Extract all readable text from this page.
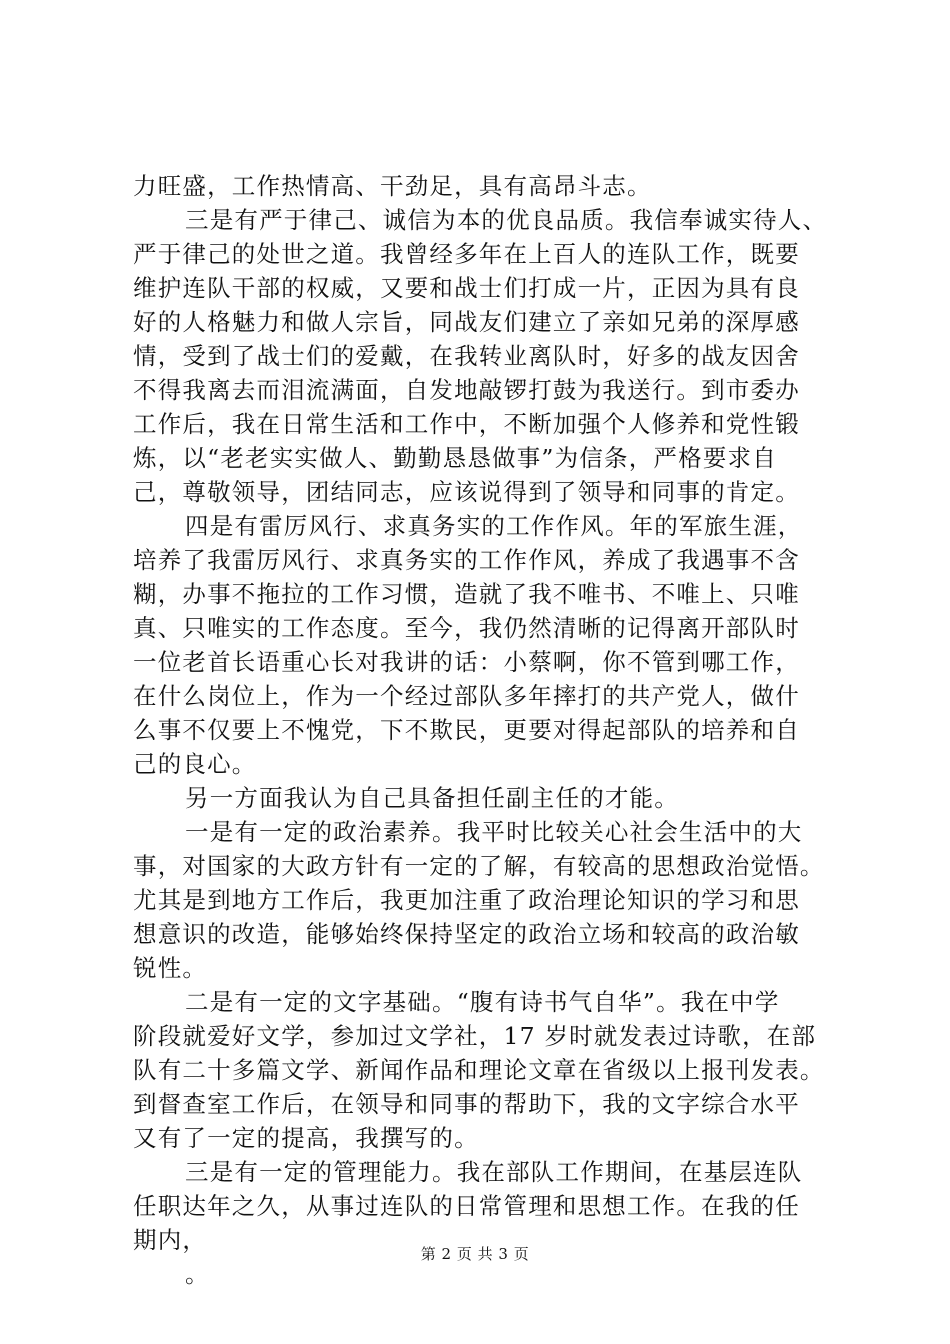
力旺盛，工作热情高、干劲足，具有高昂斗志。
三是有严于律己、诚信为本的优良品质。我信奉诚实待人、
严于律己的处世之道。我曾经多年在上百人的连队工作，既要
维护连队干部的权威，又要和战士们打成一片，正因为具有良
好的人格魅力和做人宗旨，同战友们建立了亲如兄弟的深厚感
情，受到了战士们的爱戴，在我转业离队时，好多的战友因舍
不得我离去而泪流满面，自发地敲锣打鼓为我送行。到市委办
工作后，我在日常生活和工作中，不断加强个人修养和党性锻
炼，以“老老实实做人、勤勤恳恳做事”为信条，严格要求自
己，尊敬领导，团结同志，应该说得到了领导和同事的肯定。
四是有雷厉风行、求真务实的工作作风。年的军旅生涯，
培养了我雷厉风行、求真务实的工作作风，养成了我遇事不含
糊，办事不拖拉的工作习惯，造就了我不唯书、不唯上、只唯
真、只唯实的工作态度。至今，我仍然清晰的记得离开部队时
一位老首长语重心长对我讲的话：小蔡啊，你不管到哪工作，
在什么岗位上，作为一个经过部队多年摔打的共产党人，做什
么事不仅要上不愧党，下不欺民，更要对得起部队的培养和自
己的良心。
另一方面我认为自己具备担任副主任的才能。
一是有一定的政治素养。我平时比较关心社会生活中的大
事，对国家的大政方针有一定的了解，有较高的思想政治觉悟。
尤其是到地方工作后，我更加注重了政治理论知识的学习和思
想意识的改造，能够始终保持坚定的政治立场和较高的政治敏
锐性。
二是有一定的文字基础。“腹有诗书气自华”。我在中学
阶段就爱好文学，参加过文学社，17 岁时就发表过诗歌，在部
队有二十多篇文学、新闻作品和理论文章在省级以上报刊发表。
到督查室工作后，在领导和同事的帮助下，我的文字综合水平
又有了一定的提高，我撰写的。
三是有一定的管理能力。我在部队工作期间，在基层连队
任职达年之久，从事过连队的日常管理和思想工作。在我的任
期内，
。
第 2 页 共 3 页
